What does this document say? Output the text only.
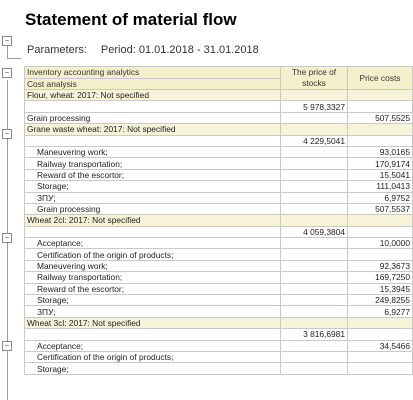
Statement of material flow
Parameters: Period: 01.01.2018 - 31.01.2018
−
−
−
−
−
Inventory accounting analytics	The price of stocks	Price costs
Cost analysis		
Flour, wheat: 2017: Not specified		
	5 978,3327	
Grain processing		507,5525
Grane waste wheat: 2017: Not specified		
	4 229,5041	
Maneuvering work;		93,0165
Railway transportation;		170,9174
Reward of the escortor;		15,5041
Storage;		111,0413
ЗПУ;		6,9752
Grain processing		507,5537
Wheat 2cl: 2017: Not specified		
	4 059,3804	
Acceptance;		10,0000
Certification of the origin of products;		
Maneuvering work;		92,3673
Railway transportation;		169,7250
Reward of the escortor;		15,3945
Storage;		249,8255
ЗПУ;		6,9277
Wheat 3cl: 2017: Not specified		
	3 816,6981	
Acceptance;		34,5466
Certification of the origin of products;		
Storage;		
